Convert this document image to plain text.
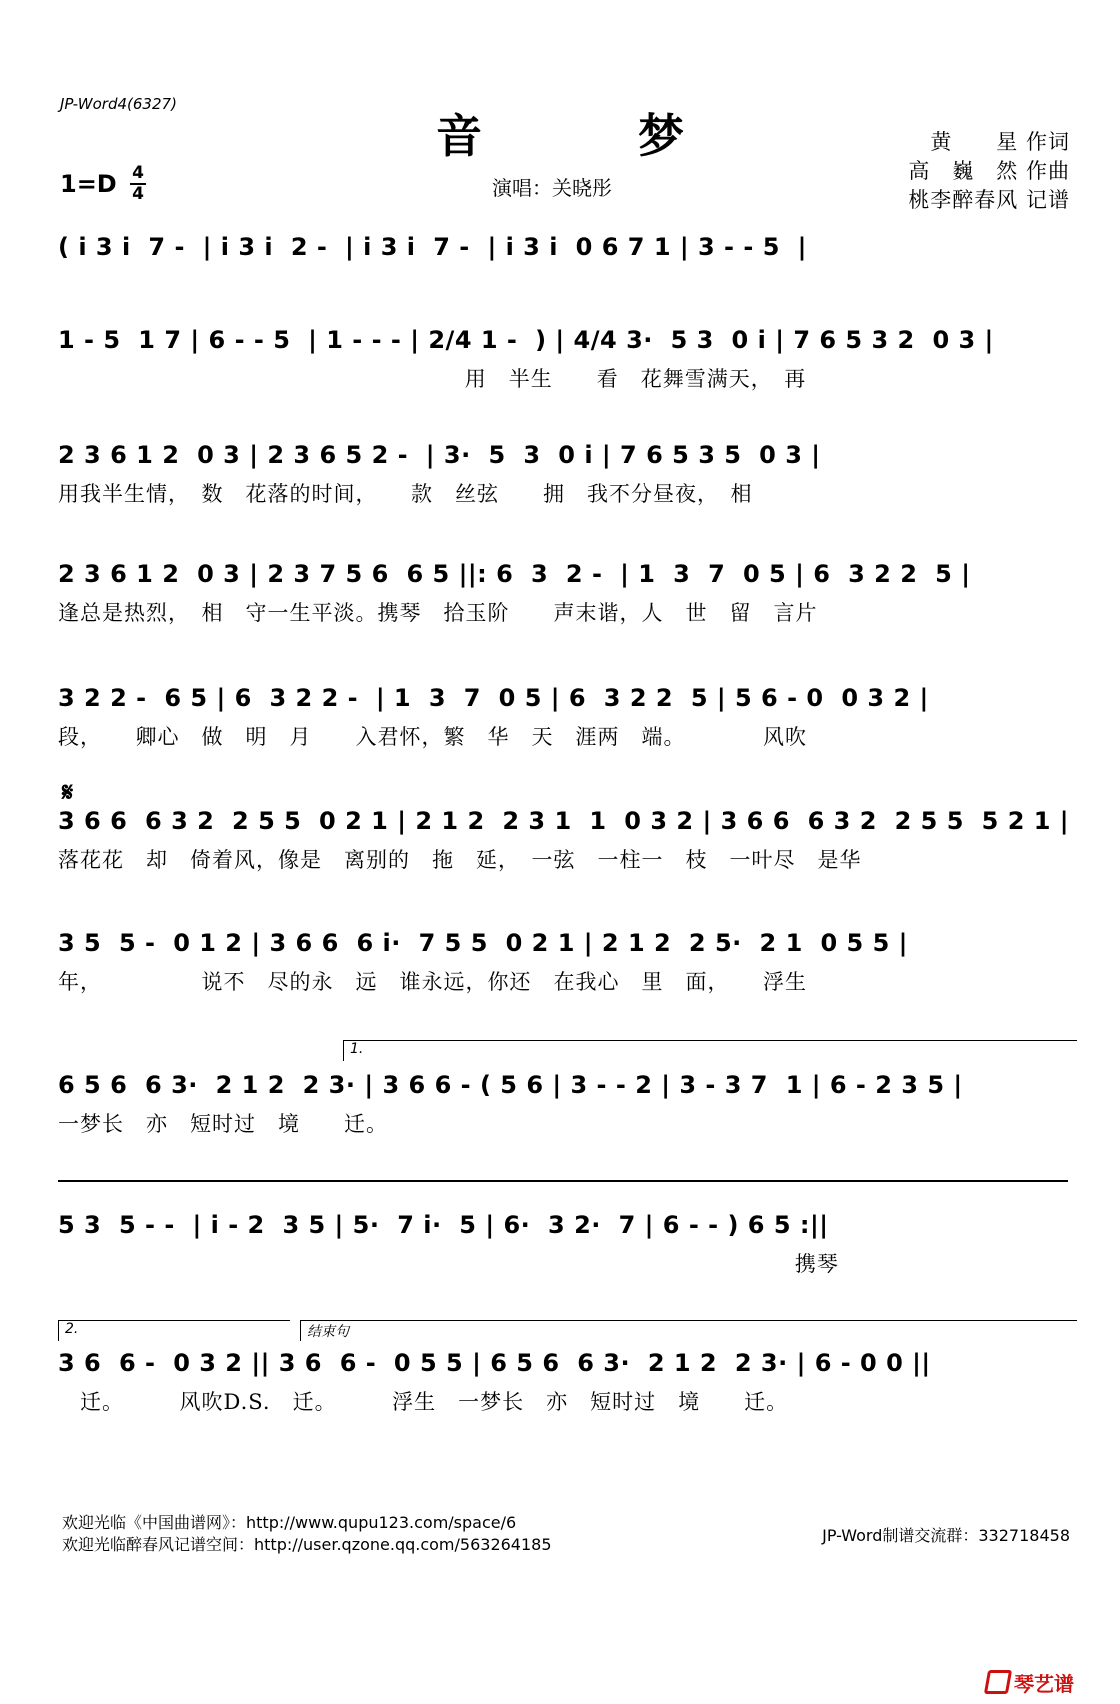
JP-Word4(6327)
音 梦	黄　　星 作词
高　巍　然 作曲
桃李醉春风 记谱
1=D 4
4	演唱：关晓彤
𝄋
( i 3 i  7 -  | i 3 i  2 -  | i 3 i  7 -  | i 3 i  0 6 7 1 | 3 - - 5  |
1 - 5  1 7 | 6 - - 5  | 1 - - - | 2/4 1 -  ) | 4/4 3·  5 3  0 i | 7 6 5 3 2  0 3 |
用　半生　　看　花舞雪满天，　再
2 3 6 1 2  0 3 | 2 3 6 5 2 -  | 3·  5  3  0 i | 7 6 5 3 5  0 3 |
用我半生情，　数　花落的时间，　　款　丝弦　　拥　我不分昼夜，　相
2 3 6 1 2  0 3 | 2 3 7 5 6  6 5 ||: 6  3  2 -  | 1  3  7  0 5 | 6  3 2 2  5 |
逢总是热烈，　相　守一生平淡。携琴　拾玉阶　　声末谐，人　世　留　言片
3 2 2 -  6 5 | 6  3 2 2 -  | 1  3  7  0 5 | 6  3 2 2  5 | 5 6 - 0  0 3 2 |
段，　　卿心　做　明　月　　入君怀，繁　华　天　涯两　端。　　　　风吹
3 6 6  6 3 2  2 5 5  0 2 1 | 2 1 2  2 3 1  1  0 3 2 | 3 6 6  6 3 2  2 5 5  5 2 1 |
落花花　却　倚着风，像是　离别的　拖　延，　一弦　一柱一　枝　一叶尽　是华
3 5  5 -  0 1 2 | 3 6 6  6 i·  7 5 5  0 2 1 | 2 1 2  2 5·  2 1  0 5 5 |
年，　　　　　说不　尽的永　远　谁永远，你还　在我心　里　面，　　浮生
1.
6 5 6  6 3·  2 1 2  2 3· | 3 6 6 - ( 5 6 | 3 - - 2 | 3 - 3 7  1 | 6 - 2 3 5 |
一梦长　亦　短时过　境　　迁。
5 3  5 - -  | i - 2  3 5 | 5·  7 i·  5 | 6·  3 2·  7 | 6 - - ) 6 5 :||
携琴
2.	结束句
3 6  6 -  0 3 2 || 3 6  6 -  0 5 5 | 6 5 6  6 3·  2 1 2  2 3· | 6 - 0 0 ||
　迁。　　　风吹D.S.　迁。　　　浮生　一梦长　亦　短时过　境　　迁。
欢迎光临《中国曲谱网》：http://www.qupu123.com/space/6
欢迎光临醉春风记谱空间：http://user.qzone.qq.com/563264185	JP-Word制谱交流群：332718458
琴艺谱
